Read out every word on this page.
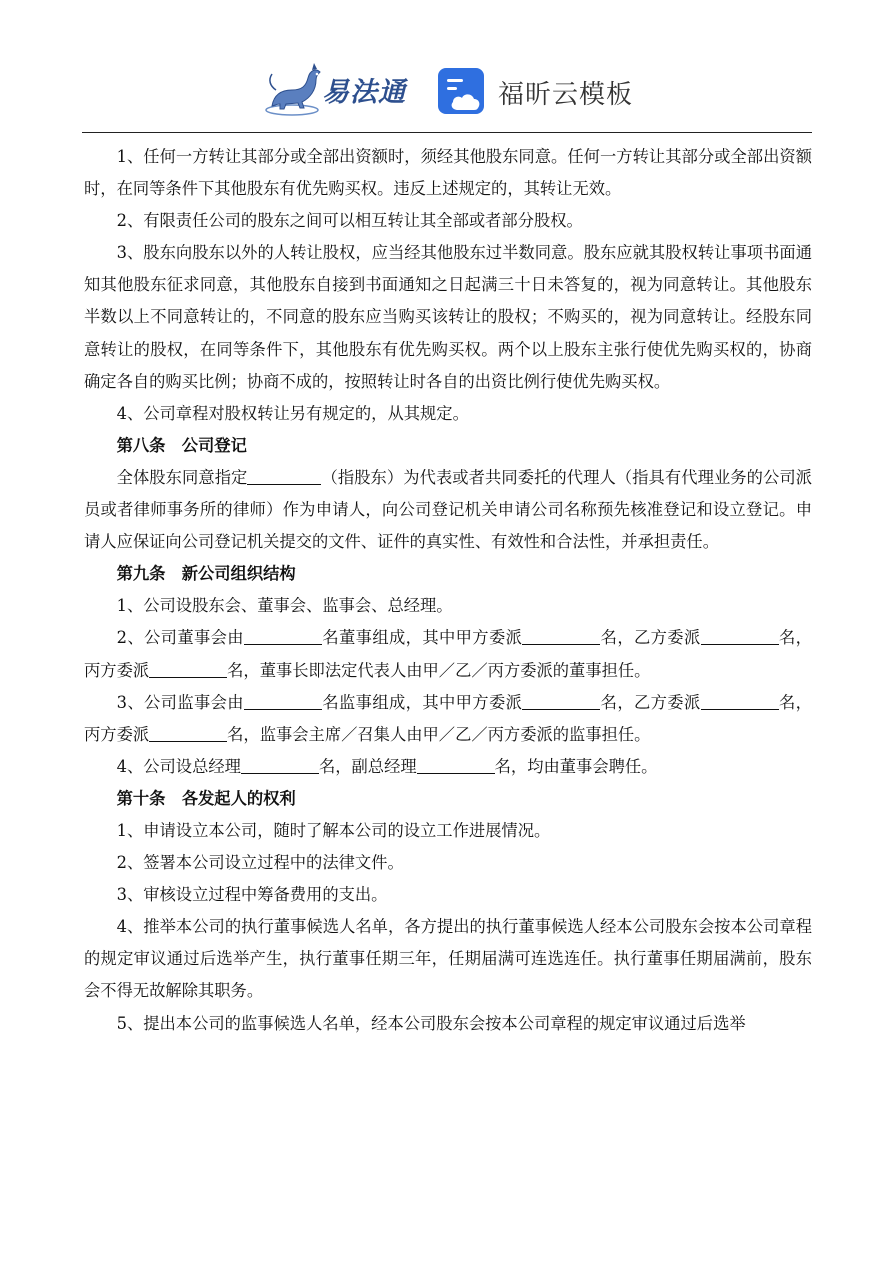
易法通	福昕云模板

1、任何一方转让其部分或全部出资额时，须经其他股东同意。任何一方转让其部分或全部出资额时，在同等条件下其他股东有优先购买权。违反上述规定的，其转让无效。

2、有限责任公司的股东之间可以相互转让其全部或者部分股权。

3、股东向股东以外的人转让股权，应当经其他股东过半数同意。股东应就其股权转让事项书面通知其他股东征求同意，其他股东自接到书面通知之日起满三十日未答复的，视为同意转让。其他股东半数以上不同意转让的，不同意的股东应当购买该转让的股权；不购买的，视为同意转让。经股东同意转让的股权，在同等条件下，其他股东有优先购买权。两个以上股东主张行使优先购买权的，协商确定各自的购买比例；协商不成的，按照转让时各自的出资比例行使优先购买权。

4、公司章程对股权转让另有规定的，从其规定。

第八条　公司登记

全体股东同意指定	（指股东）为代表或者共同委托的代理人（指具有代理业务的公司派员或者律师事务所的律师）作为申请人，向公司登记机关申请公司名称预先核准登记和设立登记。申请人应保证向公司登记机关提交的文件、证件的真实性、有效性和合法性，并承担责任。

第九条　新公司组织结构

1、公司设股东会、董事会、监事会、总经理。

2、公司董事会由	名董事组成，其中甲方委派	名，乙方委派	名，丙方委派	名，董事长即法定代表人由甲／乙／丙方委派的董事担任。

3、公司监事会由	名监事组成，其中甲方委派	名，乙方委派	名，丙方委派	名，监事会主席／召集人由甲／乙／丙方委派的监事担任。

4、公司设总经理	名，副总经理	名，均由董事会聘任。

第十条　各发起人的权利

1、申请设立本公司，随时了解本公司的设立工作进展情况。

2、签署本公司设立过程中的法律文件。

3、审核设立过程中筹备费用的支出。

4、推举本公司的执行董事候选人名单，各方提出的执行董事候选人经本公司股东会按本公司章程的规定审议通过后选举产生，执行董事任期三年，任期届满可连选连任。执行董事任期届满前，股东会不得无故解除其职务。

5、提出本公司的监事候选人名单，经本公司股东会按本公司章程的规定审议通过后选举
